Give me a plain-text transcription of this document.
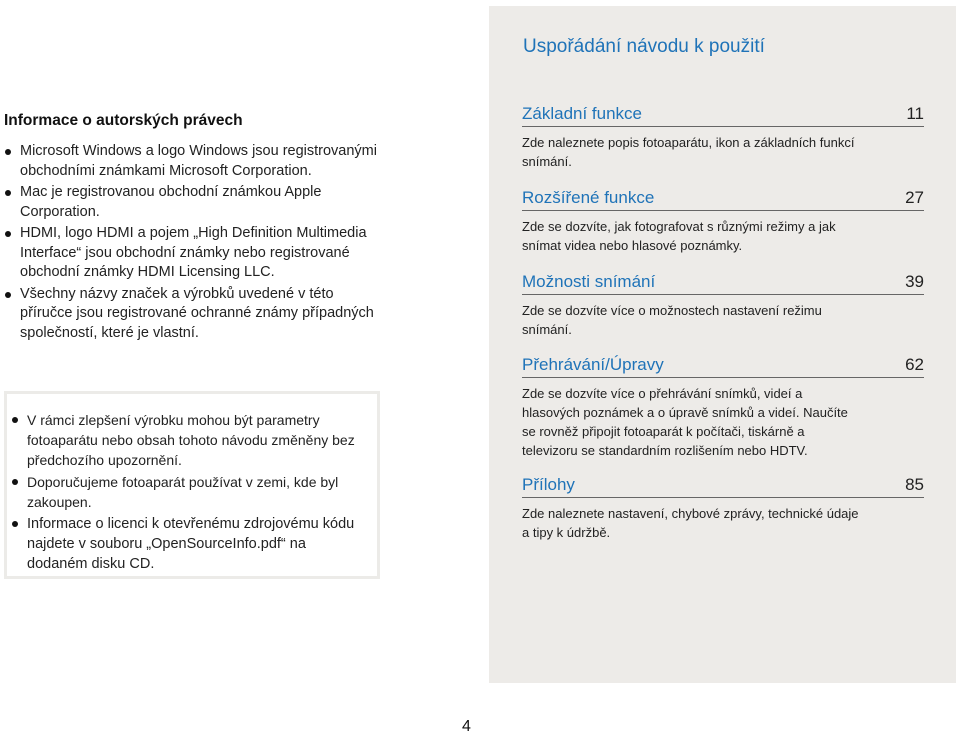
Informace o autorských právech
Microsoft Windows a logo Windows jsou registrovanými obchodními známkami Microsoft Corporation.
Mac je registrovanou obchodní známkou Apple Corporation.
HDMI, logo HDMI a pojem „High Definition Multimedia Interface“ jsou obchodní známky nebo registrované obchodní známky HDMI Licensing LLC.
Všechny názvy značek a výrobků uvedené v této příručce jsou registrované ochranné známy případných společností, které je vlastní.
V rámci zlepšení výrobku mohou být parametry fotoaparátu nebo obsah tohoto návodu změněny bez předchozího upozornění.
Doporučujeme fotoaparát používat v zemi, kde byl zakoupen.
Informace o licenci k otevřenému zdrojovému kódu najdete v souboru „OpenSourceInfo.pdf“ na dodaném disku CD.
Uspořádání návodu k použití
Základní funkce	11
Zde naleznete popis fotoaparátu, ikon a základních funkcí snímání.
Rozšířené funkce	27
Zde se dozvíte, jak fotografovat s různými režimy a jak snímat videa nebo hlasové poznámky.
Možnosti snímání	39
Zde se dozvíte více o možnostech nastavení režimu snímání.
Přehrávání/Úpravy	62
Zde se dozvíte více o přehrávání snímků, videí a hlasových poznámek a o úpravě snímků a videí. Naučíte se rovněž připojit fotoaparát k počítači, tiskárně a televizoru se standardním rozlišením nebo HDTV.
Přílohy	85
Zde naleznete nastavení, chybové zprávy, technické údaje a tipy k údržbě.
4
